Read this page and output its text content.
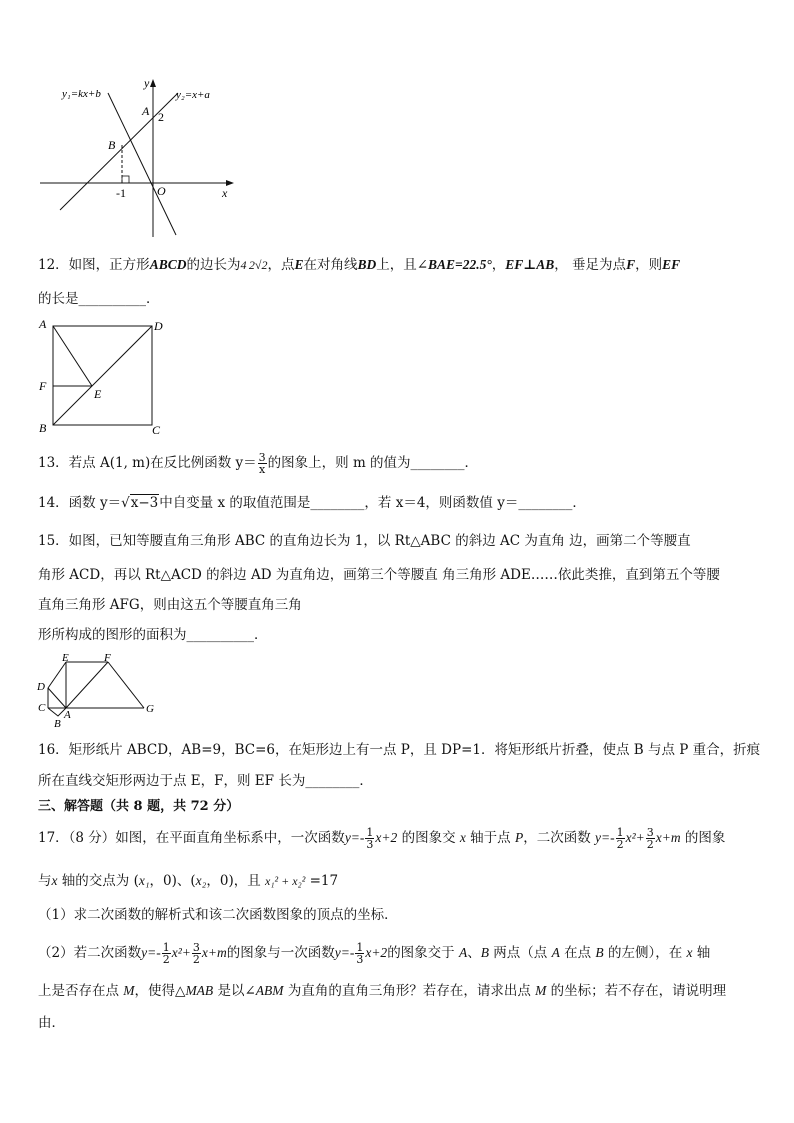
y₁=kx+b	y₂=x+a
y
x
A 2
B
O
-1
12．如图，正方形ABCD的边长为4 2√2，点E在对角线BD上，且∠BAE=22.5°，EF⊥AB， 垂足为点F，则EF
的长是__________．
A	D
F
E
B	C
13．若点 A(1, m)在反比例函数 $y= \frac{3}{x}$ 的图象上，则 m 的值为________．
14．函数 y＝√x−3中自变量 x 的取值范围是________，若 x＝4，则函数值 y＝________．
15．如图，已知等腰直角三角形 ABC 的直角边长为 1，以 Rt△ABC 的斜边 AC 为直角 边，画第二个等腰直
角形 ACD，再以 Rt△ACD 的斜边 AD 为直角边，画第三个等腰直 角三角形 ADE……依此类推，直到第五个等腰
直角三角形 AFG，则由这五个等腰直角三角
形所构成的图形的面积为__________．
E	F
D
C
A
B
G
16．矩形纸片 ABCD，AB=9，BC=6，在矩形边上有一点 P，且 DP=1．将矩形纸片折叠，使点 B 与点 P 重合，折痕
所在直线交矩形两边于点 E，F，则 EF 长为________．
三、解答题（共 8 题，共 72 分）
17．（8 分）如图，在平面直角坐标系中，一次函数$y=- \frac{1}{3} x+2$ 的图象交 x 轴于点 P，二次函数 $y=- \frac{1}{2} x^2+ \frac{3}{2} x+m$ 的图象
与x 轴的交点为 (x₁，0)、(x₂，0)，且 x₁² + x₂² =17
（1）求二次函数的解析式和该二次函数图象的顶点的坐标．
（2）若二次函数$y=- \frac{1}{2} x^2+ \frac{3}{2} x+m$的图象与一次函数$y=- \frac{1}{3} x+2$的图象交于 A、B 两点（点 A 在点 B 的左侧），在 x 轴
上是否存在点 M，使得△MAB 是以∠ABM 为直角的直角三角形？若存在，请求出点 M 的坐标；若不存在，请说明理
由．
